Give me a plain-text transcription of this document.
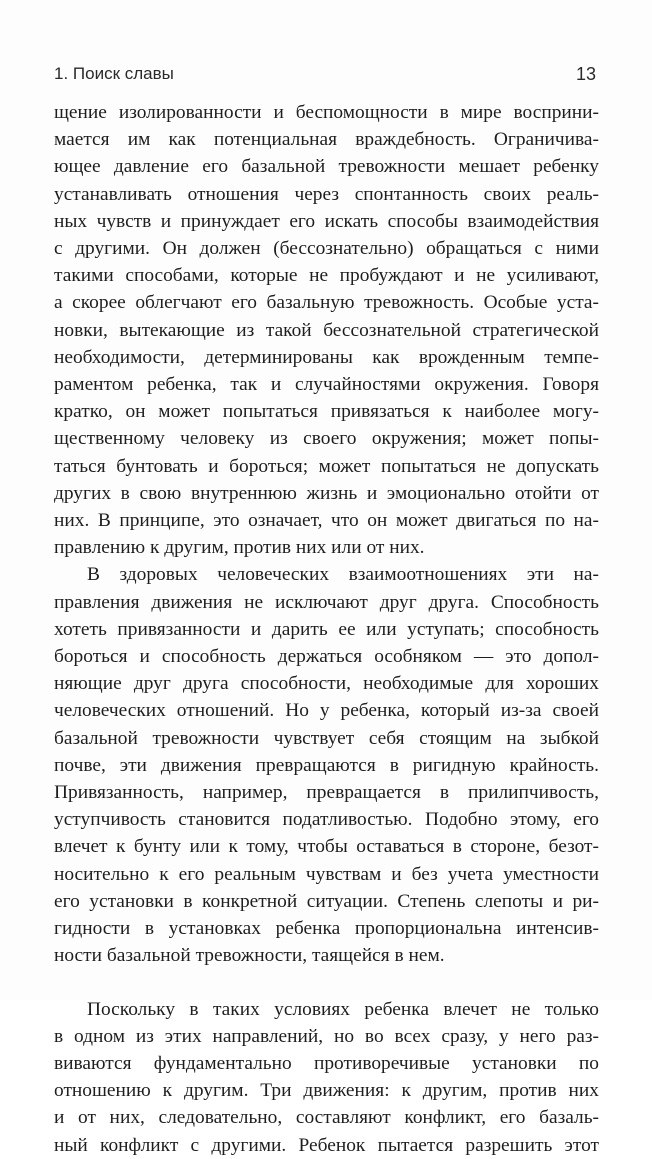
1. Поиск славы	13

щение изолированности и беспомощности в мире восприни-

мается им как потенциальная враждебность. Ограничива-

ющее давление его базальной тревожности мешает ребенку

устанавливать отношения через спонтанность своих реаль-

ных чувств и принуждает его искать способы взаимодействия

с другими. Он должен (бессознательно) обращаться с ними

такими способами, которые не пробуждают и не усиливают,

а скорее облегчают его базальную тревожность. Особые уста-

новки, вытекающие из такой бессознательной стратегической

необходимости, детерминированы как врожденным темпе-

раментом ребенка, так и случайностями окружения. Говоря

кратко, он может попытаться привязаться к наиболее могу-

щественному человеку из своего окружения; может попы-

таться бунтовать и бороться; может попытаться не допускать

других в свою внутреннюю жизнь и эмоционально отойти от

них. В принципе, это означает, что он может двигаться по на-

правлению к другим, против них или от них.

В здоровых человеческих взаимоотношениях эти на-

правления движения не исключают друг друга. Способность

хотеть привязанности и дарить ее или уступать; способность

бороться и способность держаться особняком — это допол-

няющие друг друга способности, необходимые для хороших

человеческих отношений. Но у ребенка, который из-за своей

базальной тревожности чувствует себя стоящим на зыбкой

почве, эти движения превращаются в ригидную крайность.

Привязанность, например, превращается в прилипчивость,

уступчивость становится податливостью. Подобно этому, его

влечет к бунту или к тому, чтобы оставаться в стороне, безот-

носительно к его реальным чувствам и без учета уместности

его установки в конкретной ситуации. Степень слепоты и ри-

гидности в установках ребенка пропорциональна интенсив-

ности базальной тревожности, таящейся в нем.

Поскольку в таких условиях ребенка влечет не только

в одном из этих направлений, но во всех сразу, у него раз-

виваются фундаментально противоречивые установки по

отношению к другим. Три движения: к другим, против них

и от них, следовательно, составляют конфликт, его базаль-

ный конфликт с другими. Ребенок пытается разрешить этот
